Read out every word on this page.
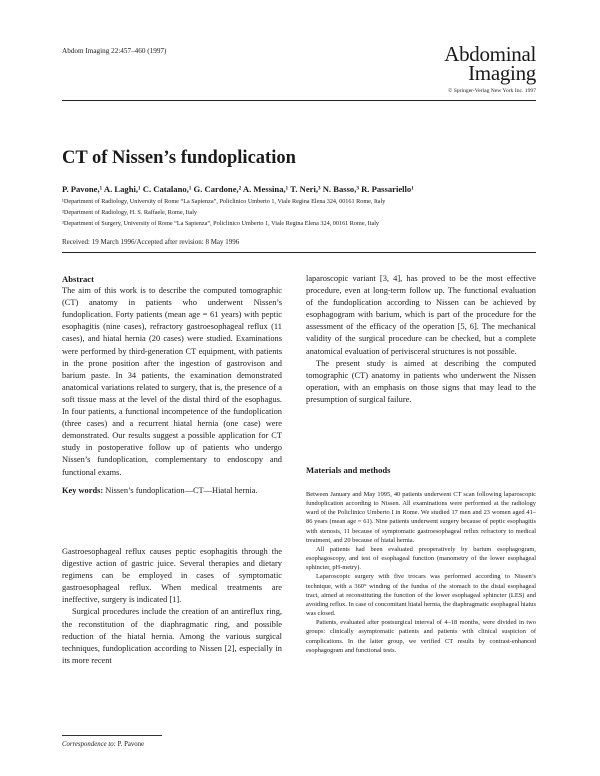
Abdom Imaging 22:457–460 (1997)	Abdominal
Imaging
© Springer-Verlag New York Inc. 1997
CT of Nissen’s fundoplication
P. Pavone,¹ A. Laghi,¹ C. Catalano,¹ G. Cardone,² A. Messina,¹ T. Neri,³ N. Basso,³ R. Passariello¹
¹Department of Radiology, University of Rome “La Sapienza”, Policlinico Umberto 1, Viale Regina Elena 324, 00161 Rome, Italy
²Department of Radiology, H. S. Raffaele, Rome, Italy
³Department of Surgery, University of Rome “La Sapienza”, Policlinico Umberto 1, Viale Regina Elena 324, 00161 Rome, Italy
Received: 19 March 1996/Accepted after revision: 8 May 1996
Abstract

The aim of this work is to describe the computed tomographic (CT) anatomy in patients who underwent Nissen’s fundoplication. Forty patients (mean age = 61 years) with peptic esophagitis (nine cases), refractory gastroesophageal reflux (11 cases), and hiatal hernia (20 cases) were studied. Examinations were performed by third-generation CT equipment, with patients in the prone position after the ingestion of gastrovison and barium paste. In 34 patients, the examination demonstrated anatomical variations related to surgery, that is, the presence of a soft tissue mass at the level of the distal third of the esophagus. In four patients, a functional incompetence of the fundoplication (three cases) and a recurrent hiatal hernia (one case) were demonstrated. Our results suggest a possible application for CT study in postoperative follow up of patients who undergo Nissen’s fundoplication, complementary to endoscopy and functional exams.

Key words: Nissen’s fundoplication—CT—Hiatal hernia.

Gastroesophageal reflux causes peptic esophagitis through the digestive action of gastric juice. Several therapies and dietary regimens can be employed in cases of symptomatic gastroesophageal reflux. When medical treatments are ineffective, surgery is indicated [1].

Surgical procedures include the creation of an antireflux ring, the reconstitution of the diaphragmatic ring, and possible reduction of the hiatal hernia. Among the various surgical techniques, fundoplication according to Nissen [2], especially in its more recent

Correspondence to: P. Pavone

laparoscopic variant [3, 4], has proved to be the most effective procedure, even at long-term follow up. The functional evaluation of the fundoplication according to Nissen can be achieved by esophagogram with barium, which is part of the procedure for the assessment of the efficacy of the operation [5, 6]. The mechanical validity of the surgical procedure can be checked, but a complete anatomical evaluation of perivisceral structures is not possible.

The present study is aimed at describing the computed tomographic (CT) anatomy in patients who underwent the Nissen operation, with an emphasis on those signs that may lead to the presumption of surgical failure.

Materials and methods

Between January and May 1995, 40 patients underwent CT scan following laparoscopic fundoplication according to Nissen. All examinations were performed at the radiology ward of the Policlinico Umberto I in Rome. We studied 17 men and 23 women aged 41–86 years (mean age = 61). Nine patients underwent surgery because of peptic esophagitis with stenosis, 11 because of symptomatic gastroesophageal reflux refractory to medical treatment, and 20 because of hiatal hernia.

All patients had been evaluated preoperatively by barium esophagogram, esophagoscopy, and test of esophageal function (manometry of the lower esophageal sphincter, pH-metry).

Laparoscopic surgery with five trocars was performed according to Nissen’s technique, with a 360° winding of the fundus of the stomach to the distal esophageal tract, aimed at reconstituting the function of the lower esophageal sphincter (LES) and avoiding reflux. In case of concomitant hiatal hernia, the diaphragmatic esophageal hiatus was closed.

Patients, evaluated after postsurgical interval of 4–18 months, were divided in two groups: clinically asymptomatic patients and patients with clinical suspicion of complications. In the latter group, we verified CT results by contrast-enhanced esophagogram and functional tests.
